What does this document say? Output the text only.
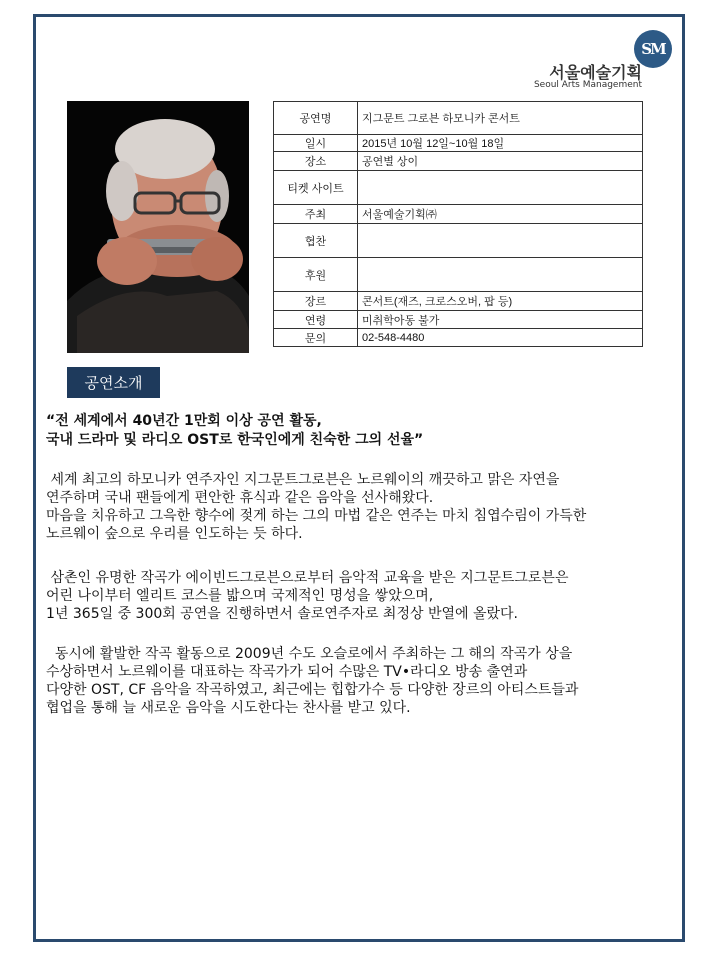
SM
서울예술기획
Seoul Arts Management
공연명	지그문트 그로븐 하모니카 콘서트
일시	2015년 10월 12일~10월 18일
장소	공연별 상이
티켓 사이트	
주최	서울예술기획㈜
협찬	
후원	
장르	콘서트(재즈, 크로스오버, 팝 등)
연령	미취학아동 불가
문의	02-548-4480
공연소개
“전 세계에서 40년간 1만회 이상 공연 활동,
국내 드라마 및 라디오 OST로 한국인에게 친숙한 그의 선율”
세계 최고의 하모니카 연주자인 지그문트그로븐은 노르웨이의 깨끗하고 맑은 자연을
연주하며 국내 팬들에게 편안한 휴식과 같은 음악을 선사해왔다.
마음을 치유하고 그윽한 향수에 젖게 하는 그의 마법 같은 연주는 마치 침엽수림이 가득한
노르웨이 숲으로 우리를 인도하는 듯 하다.
삼촌인 유명한 작곡가 에이빈드그로븐으로부터 음악적 교육을 받은 지그문트그로븐은
어린 나이부터 엘리트 코스를 밟으며 국제적인 명성을 쌓았으며,
1년 365일 중 300회 공연을 진행하면서 솔로연주자로 최정상 반열에 올랐다.
동시에 활발한 작곡 활동으로 2009년 수도 오슬로에서 주최하는 그 해의 작곡가 상을
수상하면서 노르웨이를 대표하는 작곡가가 되어 수많은 TV•라디오 방송 출연과
다양한 OST, CF 음악을 작곡하였고, 최근에는 힙합가수 등 다양한 장르의 아티스트들과
협업을 통해 늘 새로운 음악을 시도한다는 찬사를 받고 있다.
